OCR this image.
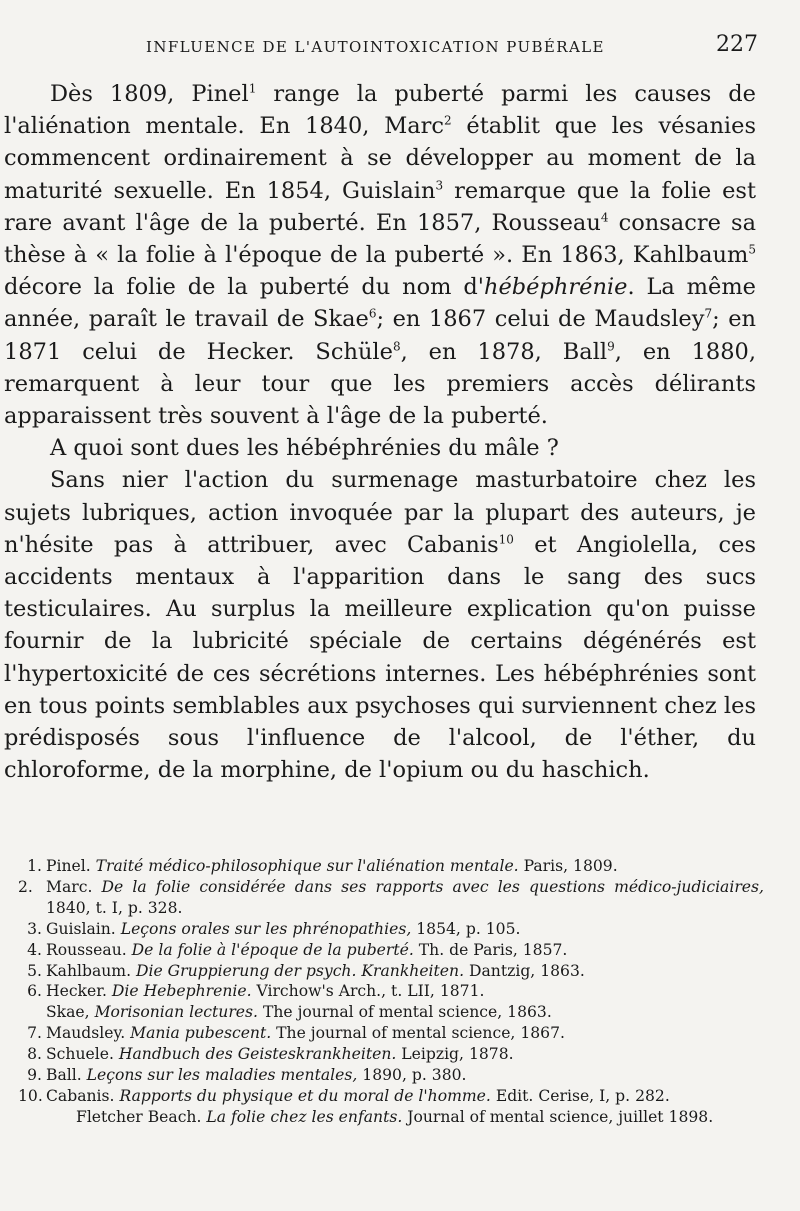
INFLUENCE DE L'AUTOINTOXICATION PUBÉRALE	227

Dès 1809, Pinel$^1$ range la puberté parmi les causes de l'aliénation mentale. En 1840, Marc$^2$ établit que les vésanies commencent ordinairement à se développer au moment de la maturité sexuelle. En 1854, Guislain$^3$ remarque que la folie est rare avant l'âge de la puberté. En 1857, Rousseau$^4$ consacre sa thèse à « la folie à l'époque de la puberté ». En 1863, Kahlbaum$^5$ décore la folie de la puberté du nom d'hébéphrénie. La même année, paraît le travail de Skae$^6$; en 1867 celui de Maudsley$^7$; en 1871 celui de Hecker. Schüle$^8$, en 1878, Ball$^9$, en 1880, remarquent à leur tour que les premiers accès délirants apparaissent très souvent à l'âge de la puberté.

A quoi sont dues les hébéphrénies du mâle ?

Sans nier l'action du surmenage masturbatoire chez les sujets lubriques, action invoquée par la plupart des auteurs, je n'hésite pas à attribuer, avec Cabanis$^{10}$ et Angiolella, ces accidents mentaux à l'apparition dans le sang des sucs testiculaires. Au surplus la meilleure explication qu'on puisse fournir de la lubricité spéciale de certains dégénérés est l'hypertoxicité de ces sécrétions internes. Les hébéphrénies sont en tous points semblables aux psychoses qui surviennent chez les prédisposés sous l'influence de l'alcool, de l'éther, du chloroforme, de la morphine, de l'opium ou du haschich.

1. Pinel. Traité médico-philosophique sur l'aliénation mentale. Paris, 1809.

2. Marc. De la folie considérée dans ses rapports avec les questions médico-judiciaires, 1840, t. I, p. 328.

3. Guislain. Leçons orales sur les phrénopathies, 1854, p. 105.

4. Rousseau. De la folie à l'époque de la puberté. Th. de Paris, 1857.

5. Kahlbaum. Die Gruppierung der psych. Krankheiten. Dantzig, 1863.

6. Hecker. Die Hebephrenie. Virchow's Arch., t. LII, 1871.

Skae, Morisonian lectures. The journal of mental science, 1863.

7. Maudsley. Mania pubescent. The journal of mental science, 1867.

8. Schuele. Handbuch des Geisteskrankheiten. Leipzig, 1878.

9. Ball. Leçons sur les maladies mentales, 1890, p. 380.

10. Cabanis. Rapports du physique et du moral de l'homme. Edit. Cerise, I, p. 282.

Fletcher Beach. La folie chez les enfants. Journal of mental science, juillet 1898.
